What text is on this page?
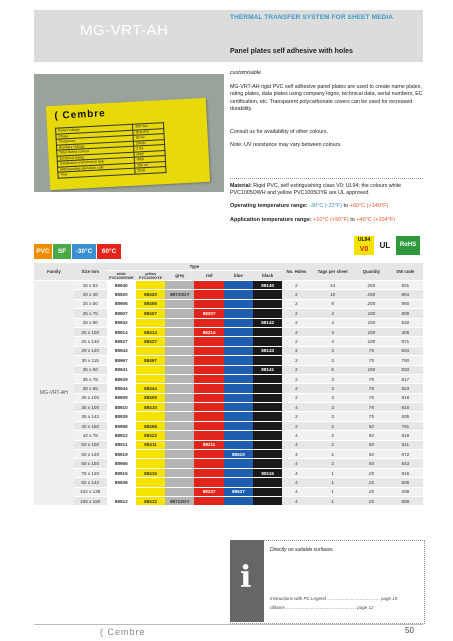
THERMAL TRANSFER SYSTEM FOR SHEET MEDIA
MG-VRT-AH
Panel plates self adhesive with holes
( Cembre
Rated Voltage	400 Vac
Phase	3PH+PE
Frequence	50 Hz
Auxiliary Voltage	24Vdc
Total Rated current	2,5A
Electrical rating	IP65
Installation environment type	IP66
Withstanding operation cold	100 mt
Year	2018
customisable
MG-VRT-AH rigid PVC self adhesive panel plates are used to create name plates, rating plates, data plates using company logos, technical data, serial numbers, EC certification, etc. Transparent polycarbonate covers can be used for increased durability.
Consult us for availability of other colours.
Note: UV resistance may vary between colours.
Material: Rigid PVC, self extinguishing class V0: UL94; the colours white PVC1005OWH and yellow PVC1005OYE are UL approved.
Operating temperature range: -30°C (-22°F) to +60°C (+140°F)
Application temperature range: +10°C (+50°F) to +40°C (+104°F)
PVC	SF	-30°C	60°C
UL94
V0	UL	RoHS
Family	Size mm	Type						No. Holes	Tags per sheet	Quantity	SW code
		white PVC1005OWH	yellow PVC1005OYE	grey	red	blue	black				
MG-VRT-AH	15 x 52	88940					88140	2	14	250	831
	20 x 40	88920	88420	88720GY				2	10	250	864
	25 x 50	88906	88406					2	8	200	860
	25 x 75	88907	88407		88207			2	4	100	809
	25 x 80	88942					88142	2	4	100	832
	25 x 100	88914	88414		88214			2	4	100	306
	25 x 140	88927	88427					2	4	100	871
	29 x 140	88943					88143	2	3	75	834
	30 x 115	88967	88467					2	3	75	780
	35 x 50	88941					88141	2	6	150	833
	35 x 75	88929						2	3	75	817
	35 x 85	88944	88444					2	3	75	823
	35 x 100	88909	88409					2	3	75	818
	35 x 100	88910	88410					4	3	75	818
	35 x 142	88939						2	3	75	835
	40 x 150	88968	88468					2	2	50	781
	42 x 78	88922	88422					4	2	50	819
	50 x 100	88911	88411		88211			4	2	50	811
	50 x 140	88919				88619		4	2	50	872
	50 x 150	88956						4	2	50	843
	75 x 120	88915	88415				88115	4	1	25	816
	82 x 142	88938						4	1	25	836
	102 x 138				88237	88637		4	1	25	208
	105 x 150	88912	88412	88712GY				4	1	25	859
i
Directly on suitable surfaces.
Instructions with PC Legend .......................................... page 10
ribbons ........................................................ page 11
( Cembre	50
